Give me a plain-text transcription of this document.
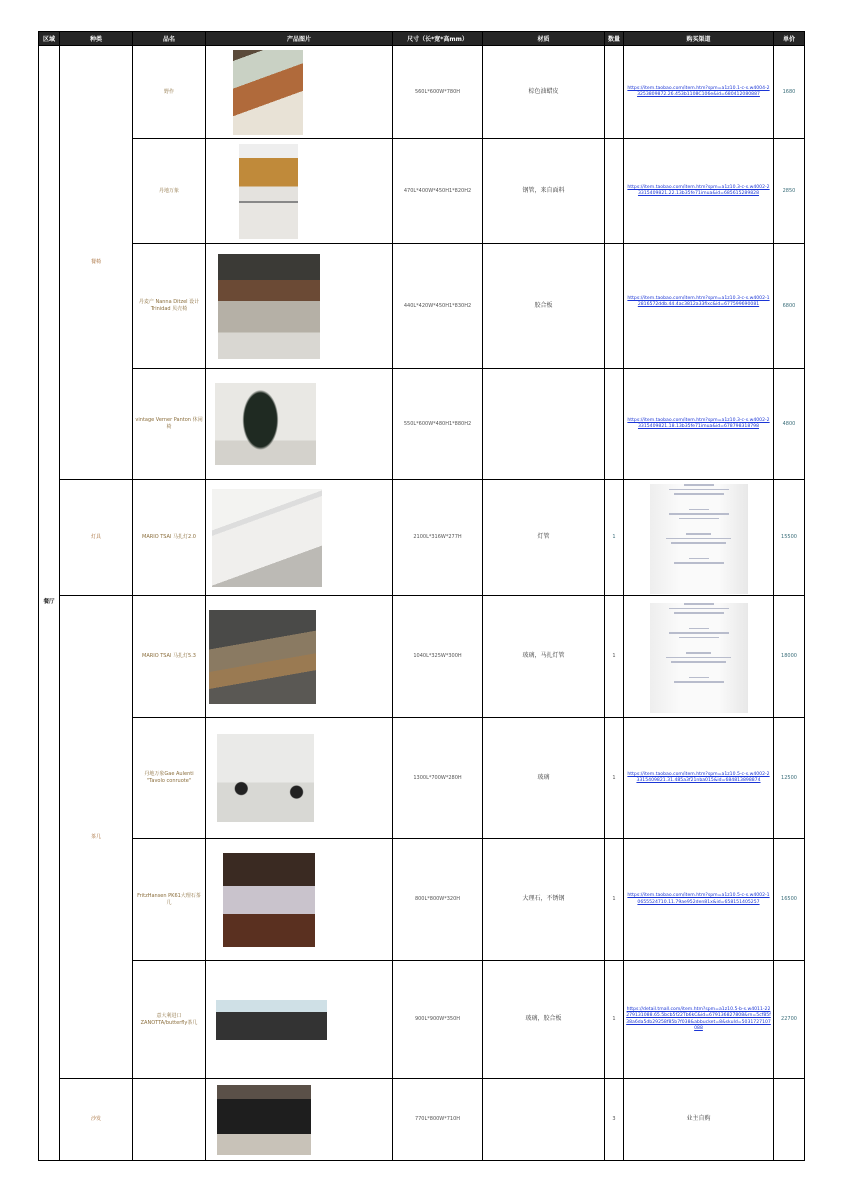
区域	种类	品名	产品图片	尺寸（长*宽*高mm）	材质	数量	购买渠道	单价
餐厅	餐椅	野作		560L*600W*780H	棕色油蜡皮		https://item.taobao.com/item.htm?spm=a1z10.1-c-s.w4004-23253809872.26.453b1108C106e&id=680412080887	1680
		丹地万象		470L*400W*450H1*820H2	钢管，来自面料		https://item.taobao.com/item.htm?spm=a1z10.3-c-s.w4002-23315409821.22.13b35fe71imua&id=685615289828	2850
		丹麦产 Nanna Ditzel 设计 Trinidad 贝壳椅		440L*420W*450H1*830H2	胶合板		https://item.taobao.com/item.htm?spm=a1z10.3-c-s.w4002-12816572ddb.44.4ac3812a33fixc&id=677599690081	6800
		vintage Verner Panton 休闲椅		550L*600W*480H1*880H2			https://item.taobao.com/item.htm?spm=a1z10.3-c-s.w4002-23315409821.18.13b35fe71imua&id=678798318798	4800
	灯具	MARIO TSAI 马扎灯2.0		2100L*316W*277H	灯管	1		15500
	茶几	MARIO TSAI 马扎灯5.3		1040L*325W*300H	玻璃，马扎灯管	1		18000
		丹地万象Gae Aulenti "Tavolo conruote"		1300L*700W*280H	玻璃	1	https://item.taobao.com/item.htm?spm=a1z10.5-c-s.w4002-23315409821.31.485a3f21nba015&id=684813898874	12500
		FritzHansen PK61大理石茶几		800L*800W*320H	大理石，不锈钢	1	https://item.taobao.com/item.htm?spm=a1z10.5-c-s.w4002-10655524710.11.79ae952den81x&id=658151405257	16500
		意大利进口 ZANOTTA/butterfly茶几		900L*900W*350H	玻璃，胶合板	1	https://detail.tmall.com/item.htm?spm=a1z10.5-b-s.w4011-22279131088.65.5bcb5f22Tb6kC&id=679136827808&rn=5cf85f38a6da5db29258f85b7f038&abbucket=8&skuId=5031727107088	22700
	沙发			770L*800W*710H		3	业主自购	
